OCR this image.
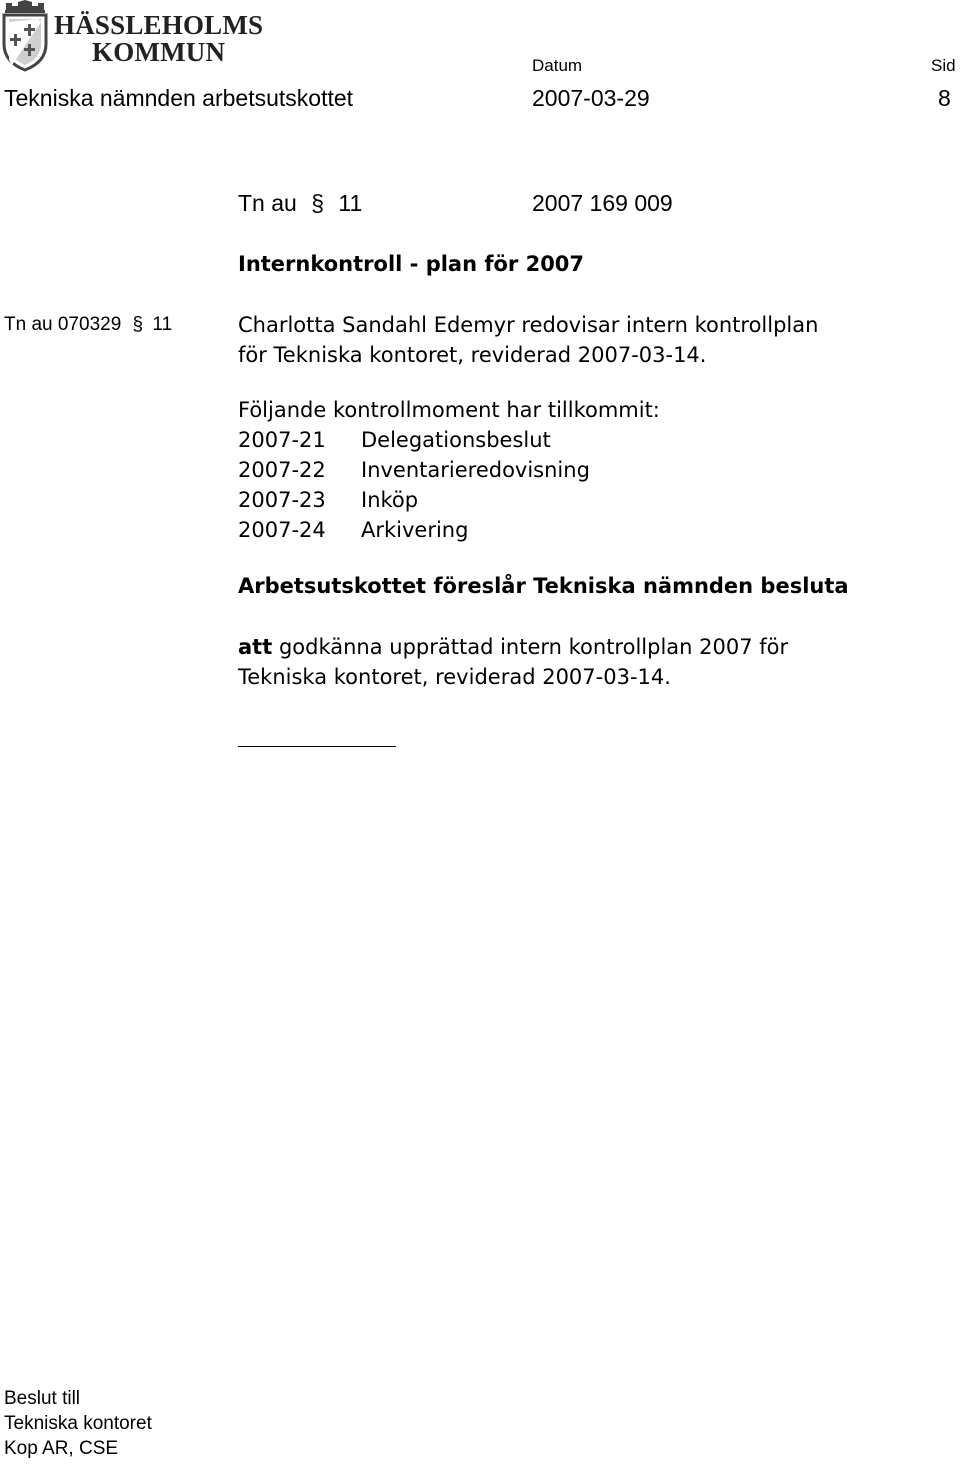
HÄSSLEHOLMS
KOMMUN	Datum	Sid
Tekniska nämnden arbetsutskottet	2007-03-29	8
Tn au § 11	2007 169 009
Internkontroll - plan för 2007
Tn au 070329 § 11	Charlotta Sandahl Edemyr redovisar intern kontrollplan
för Tekniska kontoret, reviderad 2007-03-14.
Följande kontrollmoment har tillkommit:
2007-21 Delegationsbeslut
2007-22 Inventarieredovisning
2007-23 Inköp
2007-24 Arkivering
Arbetsutskottet föreslår Tekniska nämnden besluta
att godkänna upprättad intern kontrollplan 2007 för
Tekniska kontoret, reviderad 2007-03-14.
Beslut till
Tekniska kontoret
Kop AR, CSE
